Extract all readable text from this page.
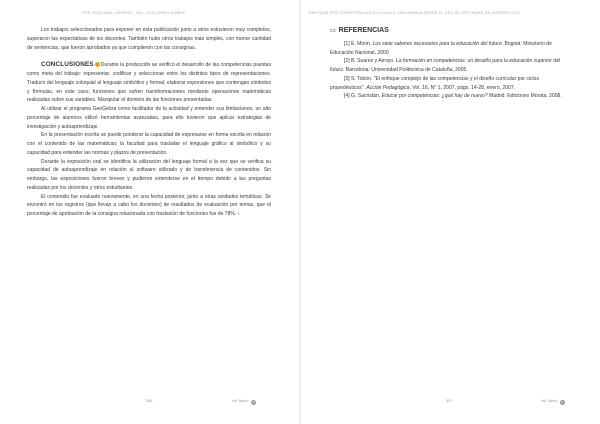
POR SANTIAGO LORENTE · ING. GUILLERMO RAMOS

Los trabajos seleccionados para exponer en esta publicación junto a otros estuvieron muy completos, superaron las expectativas de los docentes. También hubo otros trabajos más simples, con menor cantidad de sentencias, que fueron aprobados ya que cumplieron con las consignas.

CONCLUSIONES Durante la producción se verificó el desarrollo de las competencias puestas como meta del trabajo: representar, codificar y seleccionar entre los distintos tipos de representaciones. Traducir del lenguaje coloquial al lenguaje simbólico y formal; elaborar expresiones que contengan símbolos y fórmulas, en este caso, funciones que sufren transformaciones mediante operaciones matemáticas realizadas sobre sus variables. Manipular el dominio de las funciones presentadas.

Al utilizar el programa GeoGebra como facilitador de la actividad y entender sus limitaciones, un alto porcentaje de alumnos utilizó herramientas avanzadas, para ello tuvieron que aplicar estrategias de investigación y autoaprendizaje.

En la presentación escrita se puede ponderar la capacidad de expresarse en forma escrita en relación con el contenido de las matemáticas; la facultad para trasladar el lenguaje gráfico al simbólico y su capacidad para entender las normas y plazos de presentación.

Durante la exposición oral se identifica la utilización del lenguaje formal a la vez que se verifica su capacidad de autoaprendizaje en relación al software utilizado y de transferencia de contenidos. Sin embargo, las exposiciones fueron breves y pudieron extenderse en el tiempo debido a las preguntas realizadas por los docentes y otros estudiantes.

El contenido fue evaluado nuevamente, en una fecha posterior, junto a otras unidades temáticas. Se encontró en los registros (que llevan a cabo los docentes) de resultados de evaluación por temas, que el porcentaje de aprobación de la consigna relacionada con traslación de funciones fue de 78%. ▪

356	Ind Tattoo ●
ENFOQUE POR COMPETENCIAS EN EL AULA: UNA MIRADA DESDE EL USO DE SOFTWARE DE MATEMÁTICAS
▭ REFERENCIAS

[1] E. Morin. Los siete saberes necesarios para la educación del futuro. Bogotá: Ministerio de Educación Nacional, 2000.

[2] B. Suarez y Arroyo. La formación en competencias: un desafío para la educación superior del futuro. Barcelona: Universidad Politécnica de Cataluña, 2005.

[3] S. Tobón. "El enfoque complejo de las competencias y el diseño curricular por ciclos propedéuticos". Acción Pedagógica, Vol. 16, N° 1, 2007, págs. 14-28, enero, 2007.

[4] G. Sacristán. Educar por competencias: ¿qué hay de nuevo? Madrid: Ediciones Morata, 2008.

357	Ind Tattoo ●
